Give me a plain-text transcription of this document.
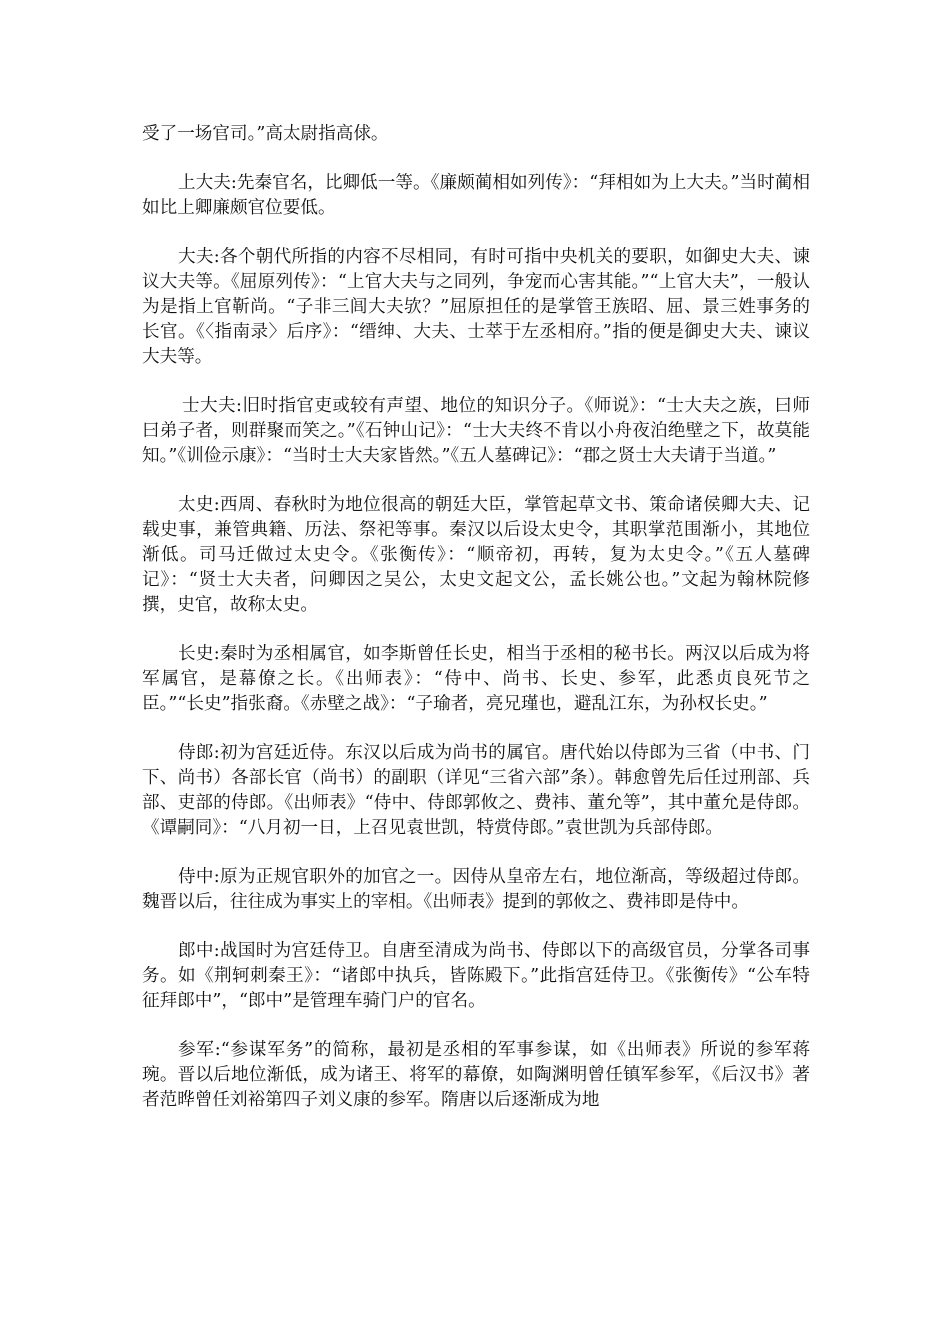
受了一场官司。”高太尉指高俅。

上大夫:先秦官名，比卿低一等。《廉颇蔺相如列传》：“拜相如为上大夫。”当时蔺相如比上卿廉颇官位要低。

大夫:各个朝代所指的内容不尽相同，有时可指中央机关的要职，如御史大夫、谏议大夫等。《屈原列传》：“上官大夫与之同列，争宠而心害其能。”“上官大夫”，一般认为是指上官靳尚。“子非三闾大夫欤？”屈原担任的是掌管王族昭、屈、景三姓事务的长官。《〈指南录〉后序》：“缙绅、大夫、士萃于左丞相府。”指的便是御史大夫、谏议大夫等。

士大夫:旧时指官吏或较有声望、地位的知识分子。《师说》：“士大夫之族，曰师曰弟子者，则群聚而笑之。”《石钟山记》：“士大夫终不肯以小舟夜泊绝壁之下，故莫能知。”《训俭示康》：“当时士大夫家皆然。”《五人墓碑记》：“郡之贤士大夫请于当道。”

太史:西周、春秋时为地位很高的朝廷大臣，掌管起草文书、策命诸侯卿大夫、记载史事，兼管典籍、历法、祭祀等事。秦汉以后设太史令，其职掌范围渐小，其地位渐低。司马迁做过太史令。《张衡传》：“顺帝初，再转，复为太史令。”《五人墓碑记》：“贤士大夫者，问卿因之吴公，太史文起文公，孟长姚公也。”文起为翰林院修撰，史官，故称太史。

长史:秦时为丞相属官，如李斯曾任长史，相当于丞相的秘书长。两汉以后成为将军属官，是幕僚之长。《出师表》：“侍中、尚书、长史、参军，此悉贞良死节之臣。”“长史”指张裔。《赤壁之战》：“子瑜者，亮兄瑾也，避乱江东，为孙权长史。”

侍郎:初为宫廷近侍。东汉以后成为尚书的属官。唐代始以侍郎为三省（中书、门下、尚书）各部长官（尚书）的副职（详见“三省六部”条）。韩愈曾先后任过刑部、兵部、吏部的侍郎。《出师表》“侍中、侍郎郭攸之、费祎、董允等”，其中董允是侍郎。《谭嗣同》：“八月初一日，上召见袁世凯，特赏侍郎。”袁世凯为兵部侍郎。

侍中:原为正规官职外的加官之一。因侍从皇帝左右，地位渐高，等级超过侍郎。魏晋以后，往往成为事实上的宰相。《出师表》提到的郭攸之、费祎即是侍中。

郎中:战国时为宫廷侍卫。自唐至清成为尚书、侍郎以下的高级官员，分掌各司事务。如《荆轲刺秦王》：“诸郎中执兵，皆陈殿下。”此指宫廷侍卫。《张衡传》“公车特征拜郎中”，“郎中”是管理车骑门户的官名。

参军:“参谋军务”的简称，最初是丞相的军事参谋，如《出师表》所说的参军蒋琬。晋以后地位渐低，成为诸王、将军的幕僚，如陶渊明曾任镇军参军，《后汉书》著者范晔曾任刘裕第四子刘义康的参军。隋唐以后逐渐成为地
